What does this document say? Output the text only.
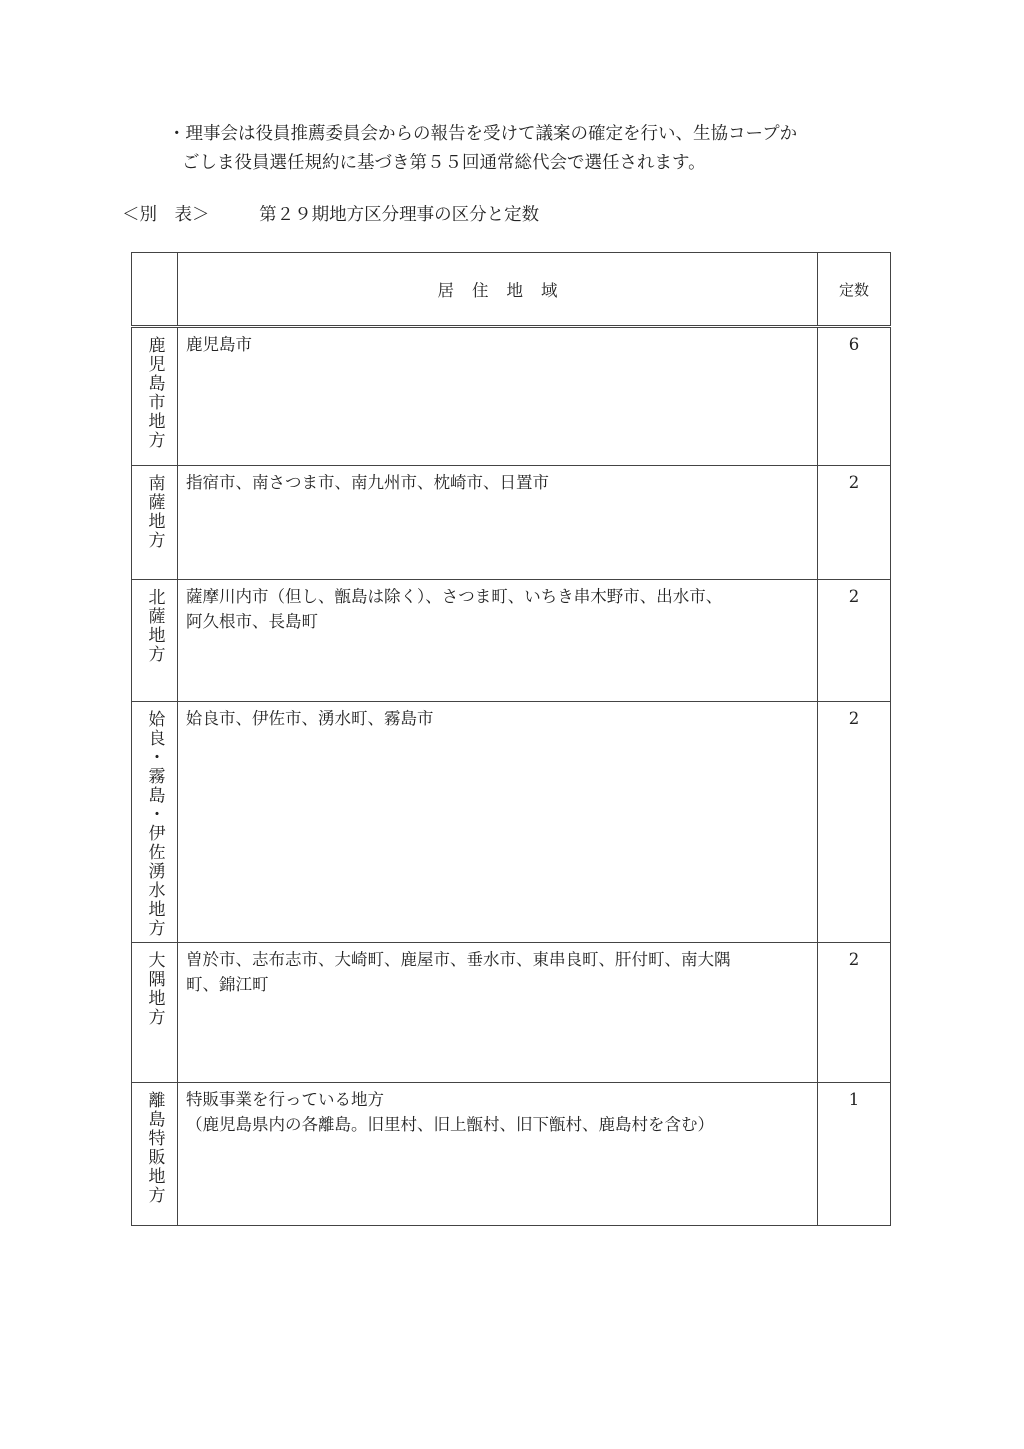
・理事会は役員推薦委員会からの報告を受けて議案の確定を行い、生協コープか
ごしま役員選任規約に基づき第５５回通常総代会で選任されます。
＜別　表＞	第２９期地方区分理事の区分と定数
	居住地域	定数
鹿児島市地方	鹿児島市	6
南薩地方	指宿市、南さつま市、南九州市、枕崎市、日置市	2
北薩地方	薩摩川内市（但し、甑島は除く）、さつま町、いちき串木野市、出水市、
阿久根市、長島町	2
姶良・霧島・伊佐湧水地方	姶良市、伊佐市、湧水町、霧島市	2
大隅地方	曽於市、志布志市、大崎町、鹿屋市、垂水市、東串良町、肝付町、南大隅
町、錦江町	2
離島特販地方	特販事業を行っている地方
（鹿児島県内の各離島。旧里村、旧上甑村、旧下甑村、鹿島村を含む）	1
